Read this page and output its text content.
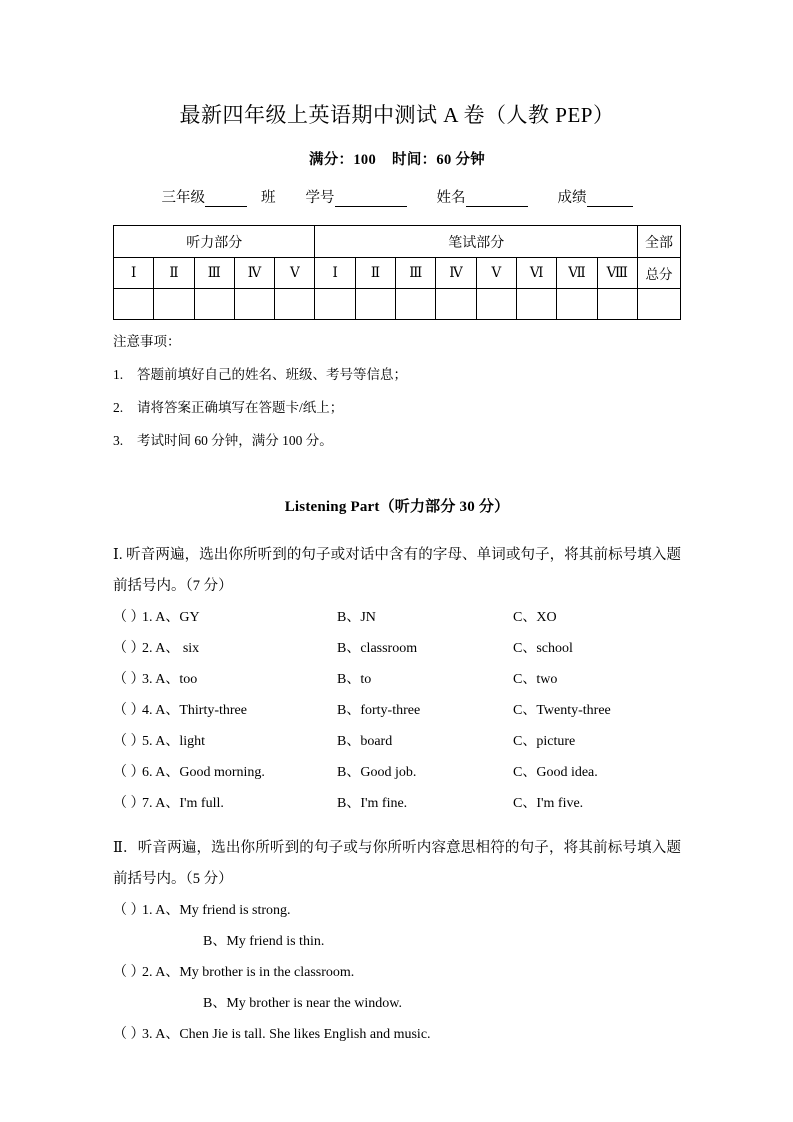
最新四年级上英语期中测试 A 卷（人教 PEP）
满分：100 时间：60 分钟
三年级	班 学号	姓名	成绩
听力部分					笔试部分								全部
Ⅰ	Ⅱ	Ⅲ	Ⅳ	Ⅴ	Ⅰ	Ⅱ	Ⅲ	Ⅳ	Ⅴ	Ⅵ	Ⅶ	Ⅷ	总分

注意事项：
1.	答题前填好自己的姓名、班级、考号等信息；
2.	请将答案正确填写在答题卡/纸上；
3.	考试时间 60 分钟，满分 100 分。
Listening Part（听力部分 30 分）
Ⅰ. 听音两遍，选出你所听到的句子或对话中含有的字母、单词或句子，将其前标号填入题前括号内。（7 分）
（ ）
1. A、GY	B、JN	C、XO
（ ）
2. A、 six	B、classroom	C、school
（ ）
3. A、too	B、to	C、two
（ ）
4. A、Thirty-three	B、forty-three	C、Twenty-three
（ ）
5. A、light	B、board	C、picture
（ ）
6. A、Good morning.	B、Good job.	C、Good idea.
（ ）
7. A、I'm full.	B、I'm fine.	C、I'm five.
Ⅱ．听音两遍，选出你所听到的句子或与你所听内容意思相符的句子，将其前标号填入题前括号内。（5 分）
（ ）
1. A、My friend is strong.
B、My friend is thin.
（ ）
2. A、My brother is in the classroom.
B、My brother is near the window.
（ ）
3. A、Chen Jie is tall. She likes English and music.
